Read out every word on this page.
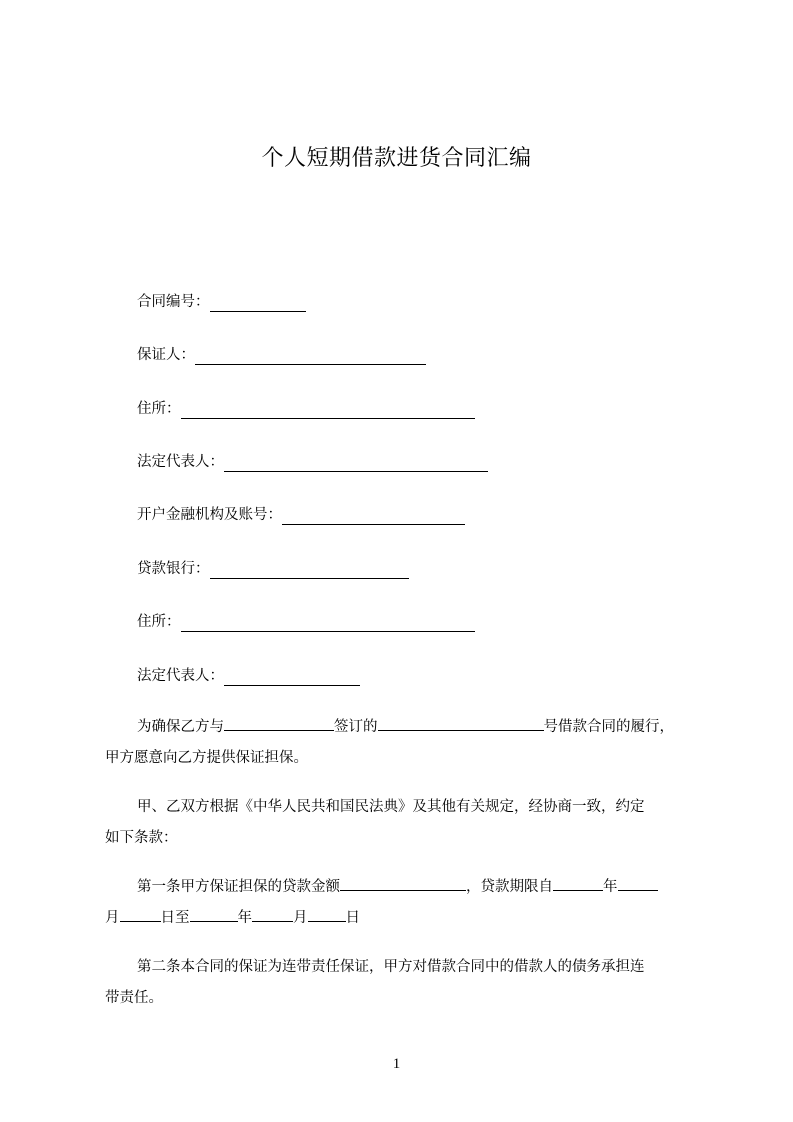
个人短期借款进货合同汇编
合同编号：
保证人：
住所：
法定代表人：
开户金融机构及账号：
贷款银行：
住所：
法定代表人：
为确保乙方与	签订的	号借款合同的履行，
甲方愿意向乙方提供保证担保。
甲、乙双方根据《中华人民共和国民法典》及其他有关规定，经协商一致，约定
如下条款：
第一条甲方保证担保的贷款金额	，贷款期限自	年
月	日至	年	月	日
第二条本合同的保证为连带责任保证，甲方对借款合同中的借款人的债务承担连
带责任。
1
